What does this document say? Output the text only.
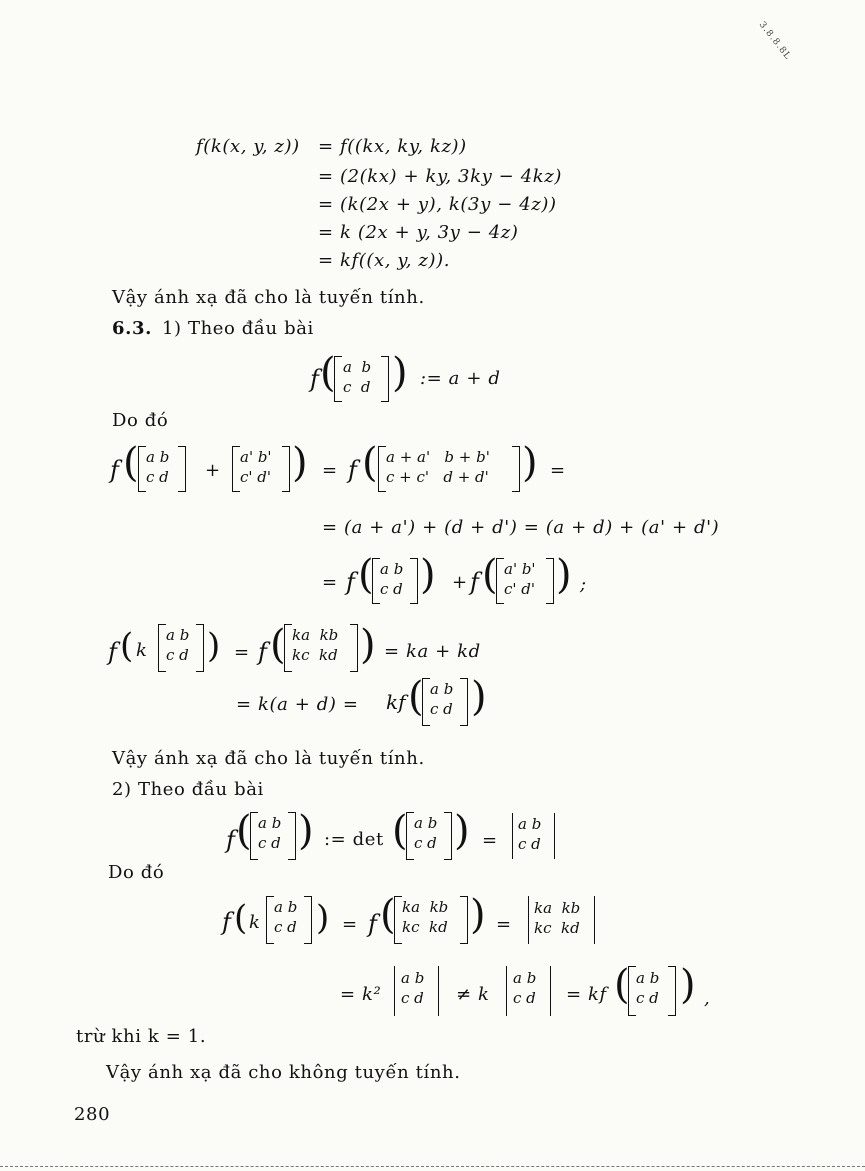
3.8.8.8L
f(k(x, y, z)) = f((kx, ky, kz))
= (2(kx) + ky, 3ky − 4kz)
= (k(2x + y), k(3y − 4z))
= k (2x + y, 3y − 4z)
= kf((x, y, z)).
Vậy ánh xạ đã cho là tuyến tính.
6.3. 1) Theo đầu bài
f ( a  b
c  d ) := a + d
Do đó
f ( a b
c d +
a' b'
c' d' ) = f ( a + a'   b + b'
c + c'   d + d' ) =
= (a + a') + (d + d') = (a + d) + (a' + d')
= f ( a b
c d ) + f ( a' b'
c' d' ) ;
f ( k
a b
c d ) = f ( ka  kb
kc  kd ) = ka + kd
= k(a + d) = kf ( a b
c d )
Vậy ánh xạ đã cho là tuyến tính.
2) Theo đầu bài
f ( a b
c d ) := det ( a b
c d ) =
a b
c d
Do đó
f ( k
a b
c d ) = f ( ka  kb
kc  kd ) =
ka  kb
kc  kd
= k²
a b
c d ≠ k
a b
c d = kf ( a b
c d ) ,
trừ khi k = 1.
Vậy ánh xạ đã cho không tuyến tính.
280
